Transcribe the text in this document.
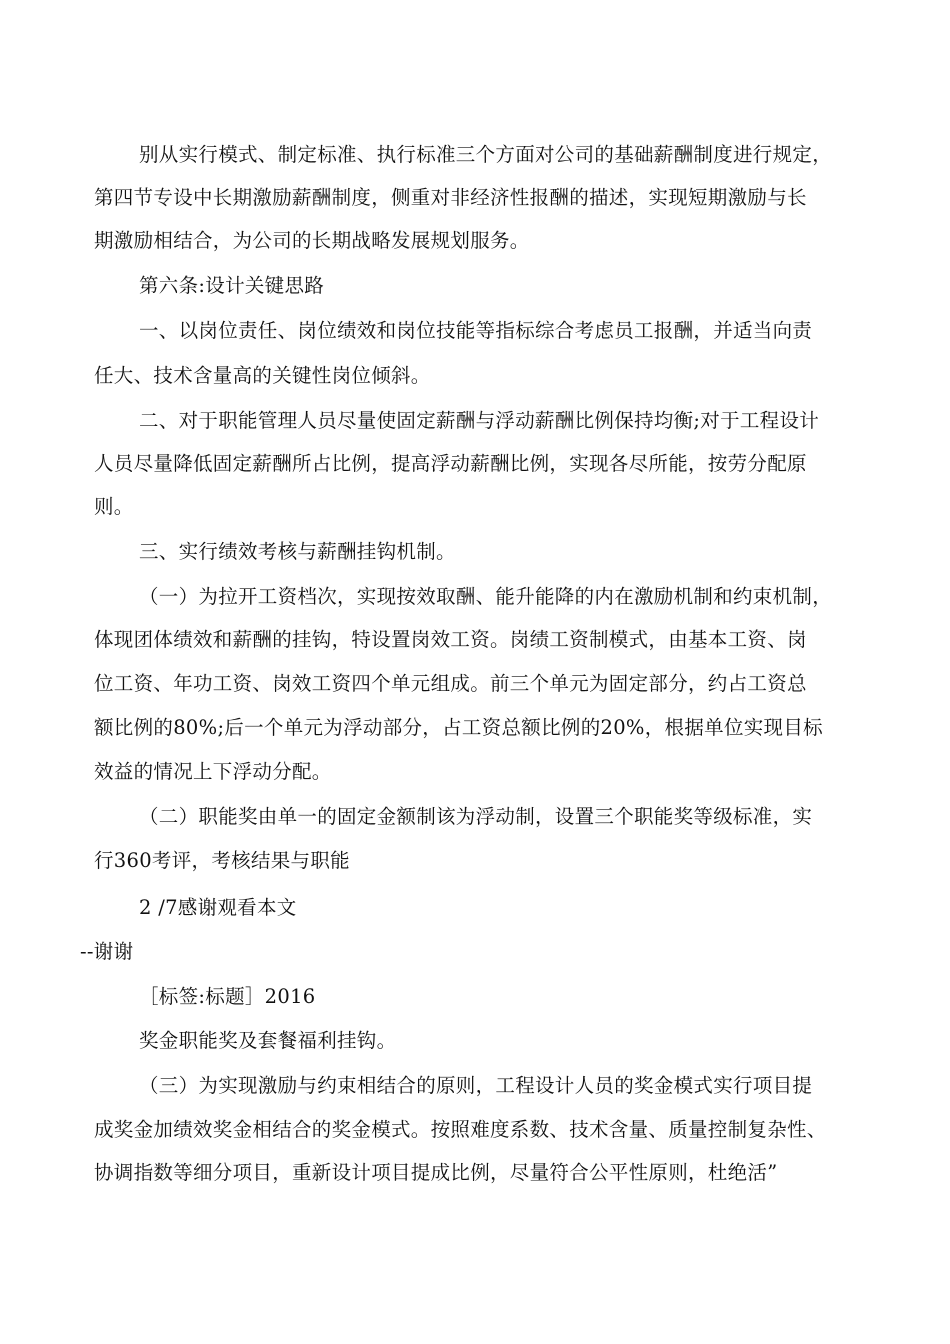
别从实行模式、制定标准、执行标准三个方面对公司的基础薪酬制度进行规定，
第四节专设中长期激励薪酬制度，侧重对非经济性报酬的描述，实现短期激励与长
期激励相结合，为公司的长期战略发展规划服务。
第六条:设计关键思路
一、以岗位责任、岗位绩效和岗位技能等指标综合考虑员工报酬，并适当向责
任大、技术含量高的关键性岗位倾斜。
二、对于职能管理人员尽量使固定薪酬与浮动薪酬比例保持均衡;对于工程设计
人员尽量降低固定薪酬所占比例，提高浮动薪酬比例，实现各尽所能，按劳分配原
则。
三、实行绩效考核与薪酬挂钩机制。
（一）为拉开工资档次，实现按效取酬、能升能降的内在激励机制和约束机制，
体现团体绩效和薪酬的挂钩，特设置岗效工资。岗绩工资制模式，由基本工资、岗
位工资、年功工资、岗效工资四个单元组成。前三个单元为固定部分，约占工资总
额比例的80%;后一个单元为浮动部分，占工资总额比例的20%，根据单位实现目标
效益的情况上下浮动分配。
（二）职能奖由单一的固定金额制该为浮动制，设置三个职能奖等级标准，实
行360考评，考核结果与职能
2 /7感谢观看本文
--谢谢
［标签:标题］2016
奖金职能奖及套餐福利挂钩。
（三）为实现激励与约束相结合的原则，工程设计人员的奖金模式实行项目提
成奖金加绩效奖金相结合的奖金模式。按照难度系数、技术含量、质量控制复杂性、
协调指数等细分项目，重新设计项目提成比例，尽量符合公平性原则，杜绝活”
